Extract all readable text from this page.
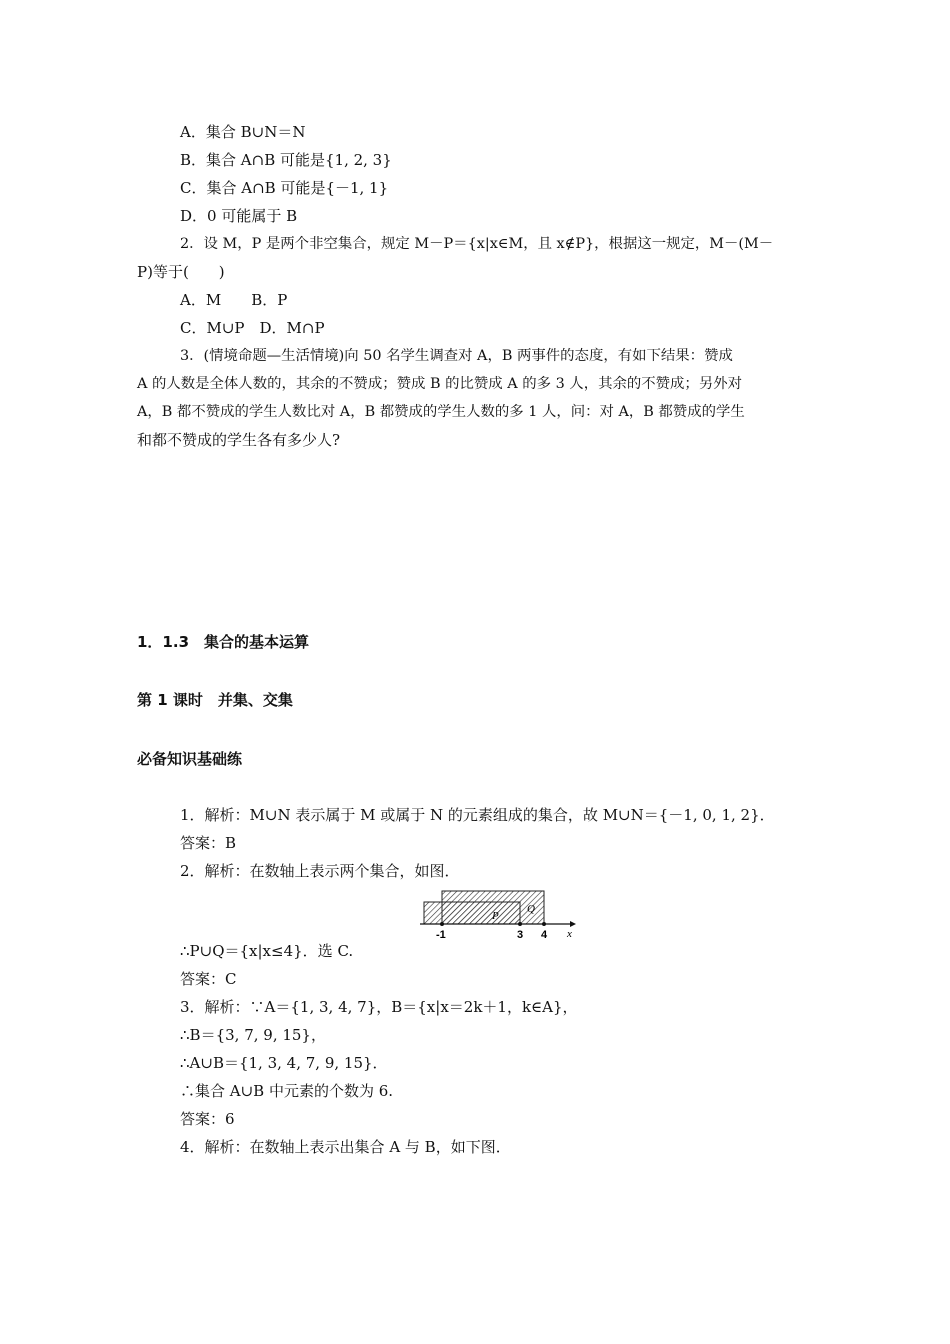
A．集合 B∪N＝N
B．集合 A∩B 可能是{1, 2, 3}
C．集合 A∩B 可能是{－1, 1}
D．0 可能属于 B
2．设 M，P 是两个非空集合，规定 M－P＝{x|x∈M，且 x∉P}，根据这一规定，M－(M－
P)等于(　　)
A．M　　B．P
C．M∪P　D．M∩P
3．(情境命题—生活情境)向 50 名学生调查对 A，B 两事件的态度，有如下结果：赞成
A 的人数是全体人数的，其余的不赞成；赞成 B 的比赞成 A 的多 3 人，其余的不赞成；另外对
A，B 都不赞成的学生人数比对 A，B 都赞成的学生人数的多 1 人，问：对 A，B 都赞成的学生
和都不赞成的学生各有多少人?
1．1.3　集合的基本运算
第 1 课时　并集、交集
必备知识基础练
1．解析：M∪N 表示属于 M 或属于 N 的元素组成的集合，故 M∪N＝{－1, 0, 1, 2}．
答案：B
2．解析：在数轴上表示两个集合，如图．
P
Q
-1	3 4 x
∴P∪Q＝{x|x≤4}．选 C.
答案：C
3．解析：∵A＝{1, 3, 4, 7}，B＝{x|x＝2k＋1，k∈A}，
∴B＝{3, 7, 9, 15}，
∴A∪B＝{1, 3, 4, 7, 9, 15}．
∴集合 A∪B 中元素的个数为 6.
答案：6
4．解析：在数轴上表示出集合 A 与 B，如下图．
